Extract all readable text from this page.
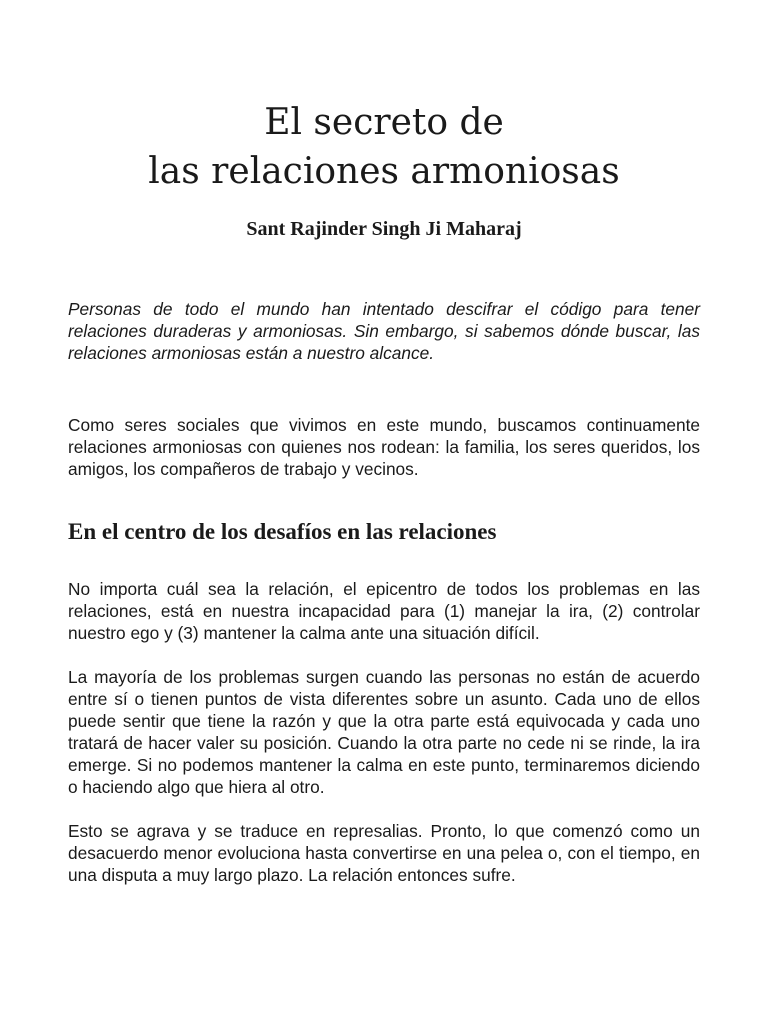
El secreto de
las relaciones armoniosas

Sant Rajinder Singh Ji Maharaj

Personas de todo el mundo han intentado descifrar el código para tener relaciones duraderas y armoniosas. Sin embargo, si sabemos dónde buscar, las relaciones armoniosas están a nuestro alcance.

Como seres sociales que vivimos en este mundo, buscamos continuamente relaciones armoniosas con quienes nos rodean: la familia, los seres queridos, los amigos, los compañeros de trabajo y vecinos.

En el centro de los desafíos en las relaciones

No importa cuál sea la relación, el epicentro de todos los problemas en las relaciones, está en nuestra incapacidad para (1) manejar la ira, (2) controlar nuestro ego y (3) mantener la calma ante una situación difícil.

La mayoría de los problemas surgen cuando las personas no están de acuerdo entre sí o tienen puntos de vista diferentes sobre un asunto. Cada uno de ellos puede sentir que tiene la razón y que la otra parte está equivocada y cada uno tratará de hacer valer su posición. Cuando la otra parte no cede ni se rinde, la ira emerge. Si no podemos mantener la calma en este punto, terminaremos diciendo o haciendo algo que hiera al otro.

Esto se agrava y se traduce en represalias. Pronto, lo que comenzó como un desacuerdo menor evoluciona hasta convertirse en una pelea o, con el tiempo, en una disputa a muy largo plazo. La relación entonces sufre.
